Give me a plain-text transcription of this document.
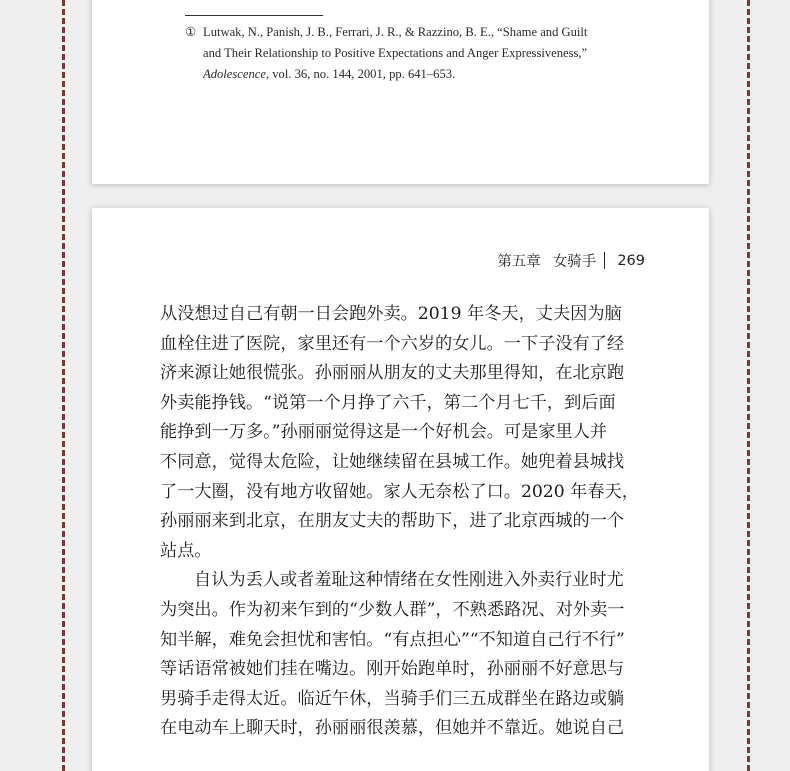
① Lutwak, N., Panish, J. B., Ferrari, J. R., & Razzino, B. E., “Shame and Guilt
and Their Relationship to Positive Expectations and Anger Expressiveness,”
Adolescence, vol. 36, no. 144, 2001, pp. 641–653.
第五章 女骑手 269
从没想过自己有朝一日会跑外卖。2019 年冬天，丈夫因为脑
血栓住进了医院，家里还有一个六岁的女儿。一下子没有了经
济来源让她很慌张。孙丽丽从朋友的丈夫那里得知，在北京跑
外卖能挣钱。“说第一个月挣了六千，第二个月七千，到后面
能挣到一万多。”孙丽丽觉得这是一个好机会。可是家里人并
不同意，觉得太危险，让她继续留在县城工作。她兜着县城找
了一大圈，没有地方收留她。家人无奈松了口。2020 年春天，
孙丽丽来到北京，在朋友丈夫的帮助下，进了北京西城的一个
站点。
自认为丢人或者羞耻这种情绪在女性刚进入外卖行业时尤
为突出。作为初来乍到的“少数人群”，不熟悉路况、对外卖一
知半解，难免会担忧和害怕。“有点担心”“不知道自己行不行”
等话语常被她们挂在嘴边。刚开始跑单时，孙丽丽不好意思与
男骑手走得太近。临近午休，当骑手们三五成群坐在路边或躺
在电动车上聊天时，孙丽丽很羡慕，但她并不靠近。她说自己
